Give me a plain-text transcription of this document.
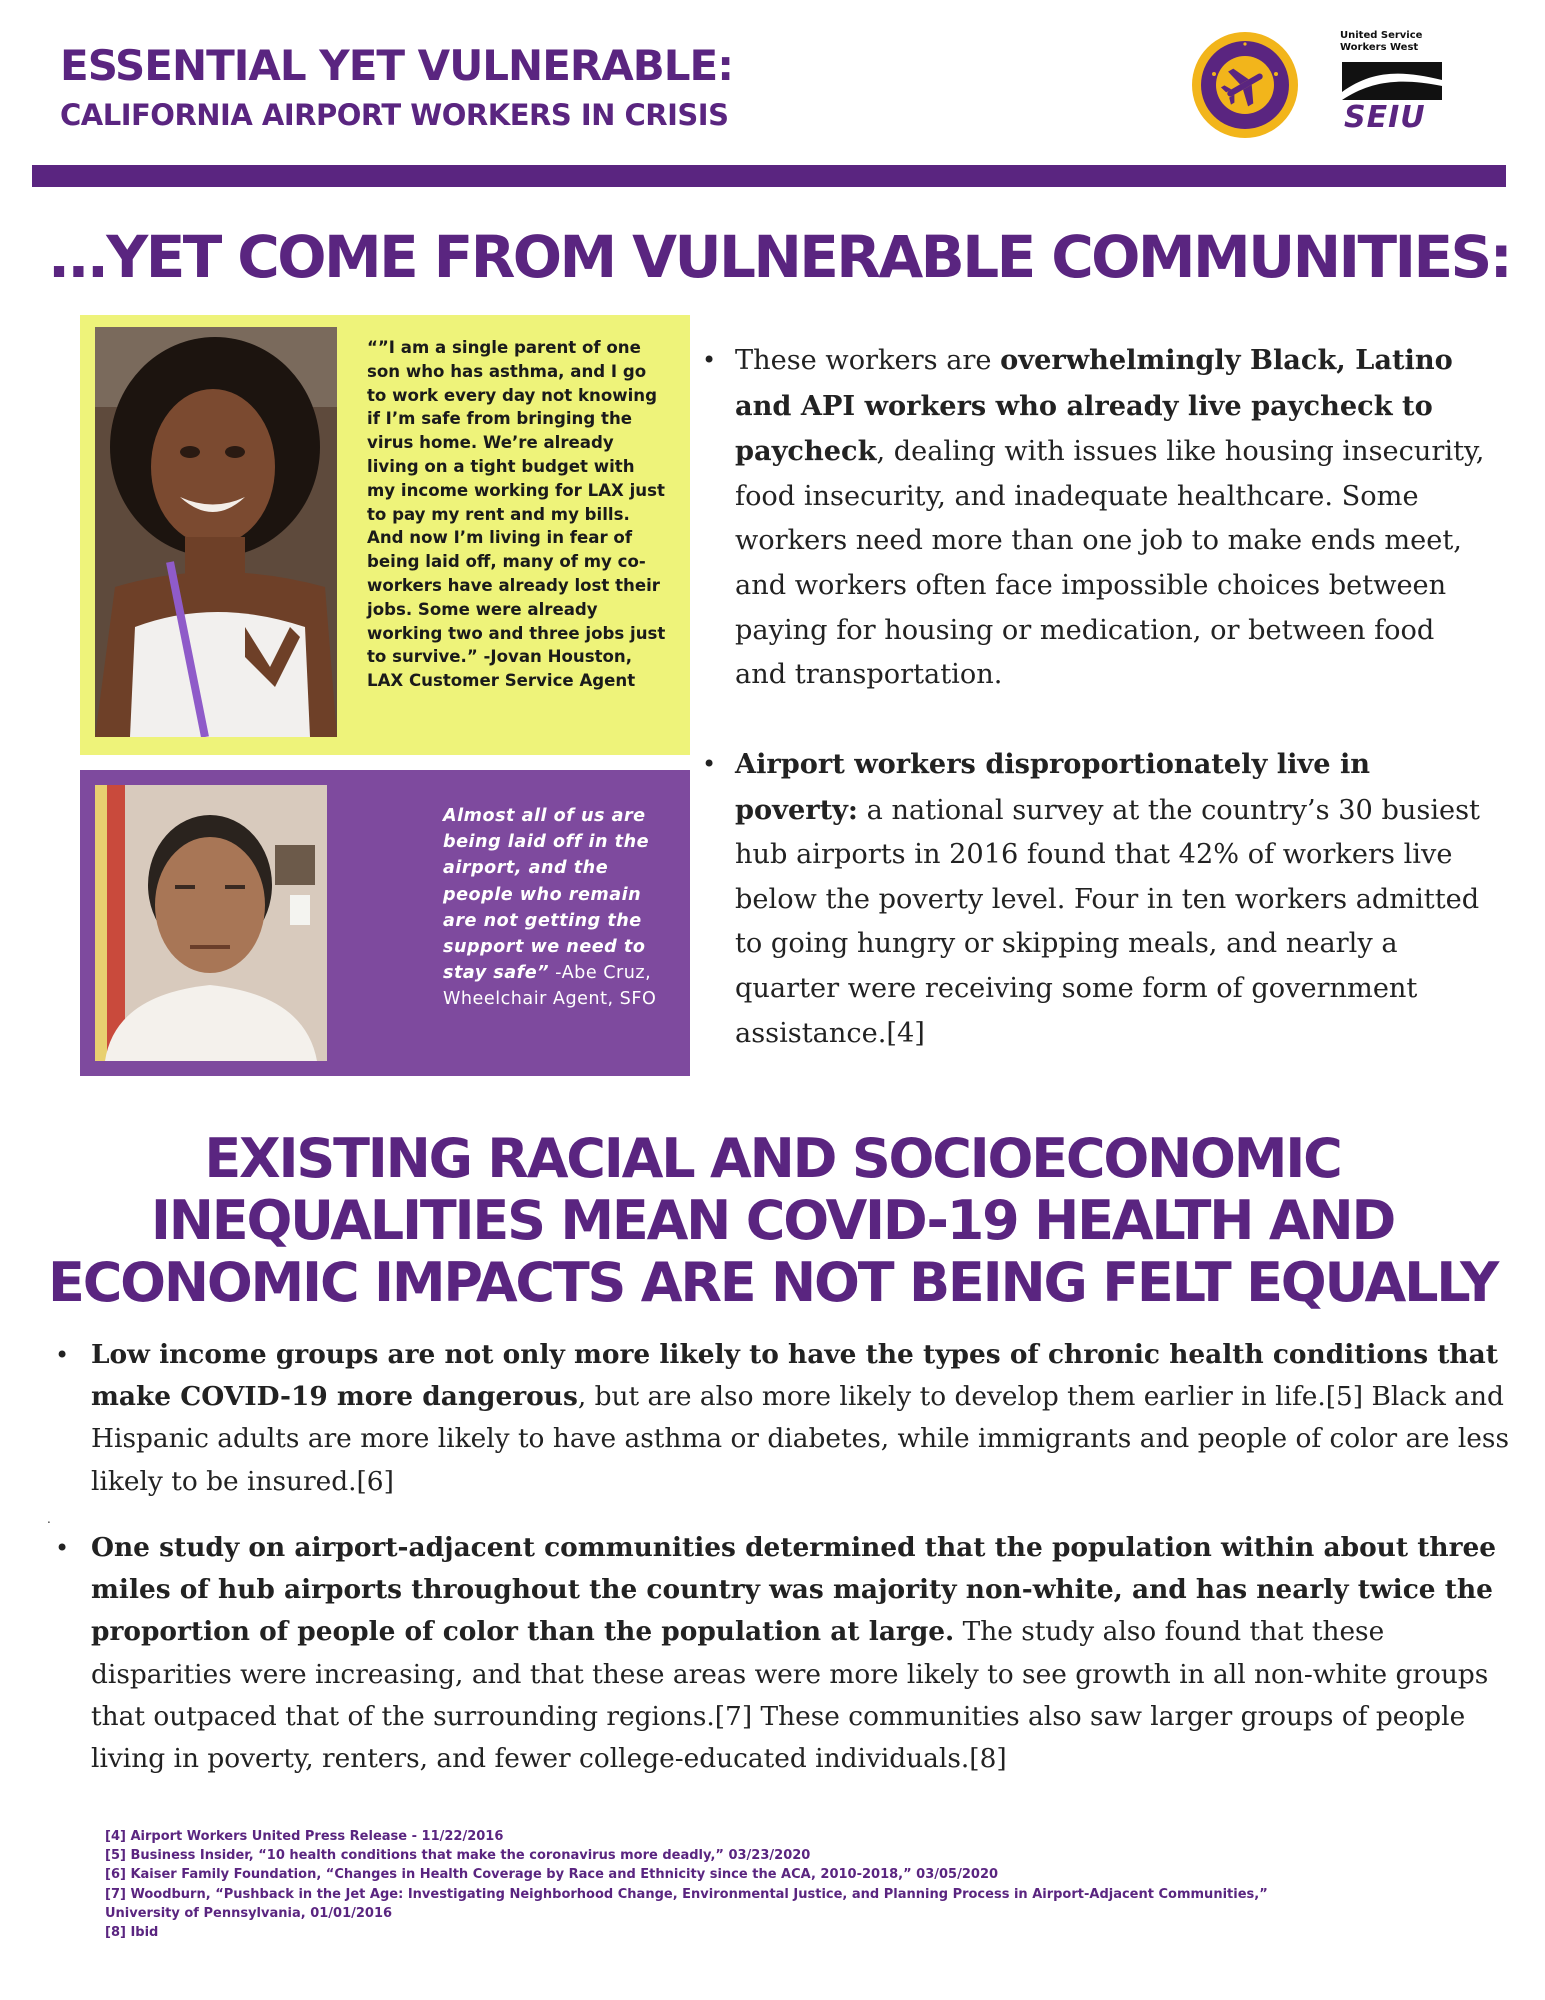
ESSENTIAL YET VULNERABLE:
CALIFORNIA AIRPORT WORKERS IN CRISIS
United Service
Workers West
SEIU
...YET COME FROM VULNERABLE COMMUNITIES:
“”I am a single parent of one son who has asthma, and I go to work every day not knowing if I’m safe from bringing the virus home. We’re already living on a tight budget with my income working for LAX just to pay my rent and my bills. And now I’m living in fear of being laid off, many of my co-workers have already lost their jobs. Some were already working two and three jobs just to survive.” -Jovan Houston, LAX Customer Service Agent
Almost all of us are being laid off in the airport, and the people who remain are not getting the support we need to stay safe” -Abe Cruz, Wheelchair Agent, SFO
• These workers are overwhelmingly Black, Latino and API workers who already live paycheck to paycheck, dealing with issues like housing insecurity, food insecurity, and inadequate healthcare. Some workers need more than one job to make ends meet, and workers often face impossible choices between paying for housing or medication, or between food and transportation.
• Airport workers disproportionately live in poverty: a national survey at the country’s 30 busiest hub airports in 2016 found that 42% of workers live below the poverty level. Four in ten workers admitted to going hungry or skipping meals, and nearly a quarter were receiving some form of government assistance.[4]
EXISTING RACIAL AND SOCIOECONOMIC
INEQUALITIES MEAN COVID-19 HEALTH AND
ECONOMIC IMPACTS ARE NOT BEING FELT EQUALLY
• Low income groups are not only more likely to have the types of chronic health conditions that make COVID-19 more dangerous, but are also more likely to develop them earlier in life.[5] Black and Hispanic adults are more likely to have asthma or diabetes, while immigrants and people of color are less likely to be insured.[6]
.
• One study on airport-adjacent communities determined that the population within about three miles of hub airports throughout the country was majority non-white, and has nearly twice the proportion of people of color than the population at large. The study also found that these disparities were increasing, and that these areas were more likely to see growth in all non-white groups that outpaced that of the surrounding regions.[7] These communities also saw larger groups of people living in poverty, renters, and fewer college-educated individuals.[8]
[4] Airport Workers United Press Release - 11/22/2016
[5] Business Insider, “10 health conditions that make the coronavirus more deadly,” 03/23/2020
[6] Kaiser Family Foundation, “Changes in Health Coverage by Race and Ethnicity since the ACA, 2010-2018,” 03/05/2020
[7] Woodburn, “Pushback in the Jet Age: Investigating Neighborhood Change, Environmental Justice, and Planning Process in Airport-Adjacent Communities,”
University of Pennsylvania, 01/01/2016
[8] Ibid
